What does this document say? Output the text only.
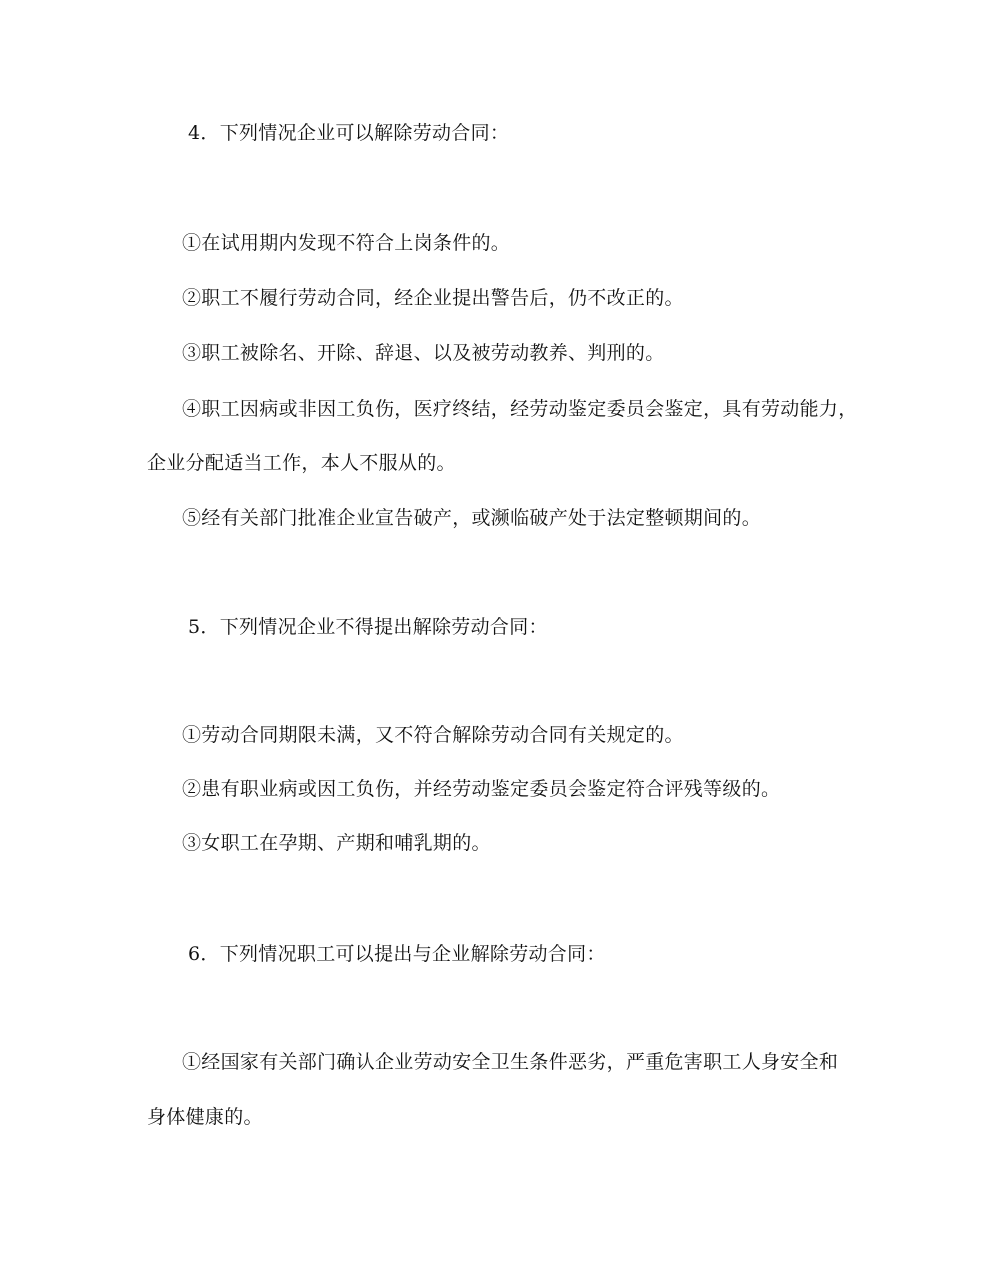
4．下列情况企业可以解除劳动合同：
①在试用期内发现不符合上岗条件的。
②职工不履行劳动合同，经企业提出警告后，仍不改正的。
③职工被除名、开除、辞退、以及被劳动教养、判刑的。
④职工因病或非因工负伤，医疗终结，经劳动鉴定委员会鉴定，具有劳动能力，
企业分配适当工作，本人不服从的。
⑤经有关部门批准企业宣告破产，或濒临破产处于法定整顿期间的。
5．下列情况企业不得提出解除劳动合同：
①劳动合同期限未满，又不符合解除劳动合同有关规定的。
②患有职业病或因工负伤，并经劳动鉴定委员会鉴定符合评残等级的。
③女职工在孕期、产期和哺乳期的。
6．下列情况职工可以提出与企业解除劳动合同：
①经国家有关部门确认企业劳动安全卫生条件恶劣，严重危害职工人身安全和
身体健康的。
